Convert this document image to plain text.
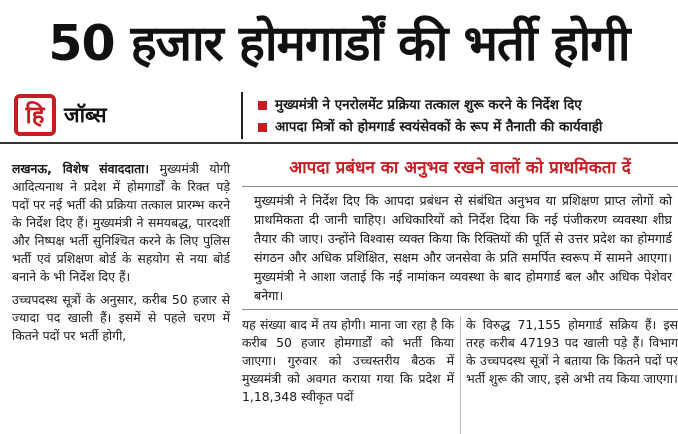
50 हजार होमगार्डों की भर्ती होगी
हि जॉब्स	मुख्यमंत्री ने एनरोलमेंट प्रक्रिया तत्काल शुरू करने के निर्देश दिए
आपदा मित्रों को होमगार्ड स्वयंसेवकों के रूप में तैनाती की कार्यवाही

लखनऊ, विशेष संवाददाता। मुख्यमंत्री योगी आदित्यनाथ ने प्रदेश में होमगार्डों के रिक्त पड़े पदों पर नई भर्ती की प्रक्रिया तत्काल प्रारम्भ करने के निर्देश दिए हैं। मुख्यमंत्री ने समयबद्ध, पारदर्शी और निष्पक्ष भर्ती सुनिश्चित करने के लिए पुलिस भर्ती एवं प्रशिक्षण बोर्ड के सहयोग से नया बोर्ड बनाने के भी निर्देश दिए हैं।

उच्चपदस्थ सूत्रों के अनुसार, करीब 50 हजार से ज्यादा पद खाली हैं। इसमें से पहले चरण में कितने पदों पर भर्ती होगी,

आपदा प्रबंधन का अनुभव रखने वालों को प्राथमिकता दें
मुख्यमंत्री ने निर्देश दिए कि आपदा प्रबंधन से संबंधित अनुभव या प्रशिक्षण प्राप्त लोगों को प्राथमिकता दी जानी चाहिए। अधिकारियों को निर्देश दिया कि नई पंजीकरण व्यवस्था शीघ्र तैयार की जाए। उन्होंने विश्वास व्यक्त किया कि रिक्तियों की पूर्ति से उत्तर प्रदेश का होमगार्ड संगठन और अधिक प्रशिक्षित, सक्षम और जनसेवा के प्रति समर्पित स्वरूप में सामने आएगा। मुख्यमंत्री ने आशा जताई कि नई नामांकन व्यवस्था के बाद होमगार्ड बल और अधिक पेशेवर बनेगा।
यह संख्या बाद में तय होगी। माना जा रहा है कि करीब 50 हजार होमगार्डों को भर्ती किया जाएगा। गुरुवार को उच्चस्तरीय बैठक में मुख्यमंत्री को अवगत कराया गया कि प्रदेश में 1,18,348 स्वीकृत पदों
के विरुद्ध 71,155 होमगार्ड सक्रिय हैं। इस तरह करीब 47193 पद खाली पड़े हैं। विभाग के उच्चपदस्थ सूत्रों ने बताया कि कितने पदों पर भर्ती शुरू की जाए, इसे अभी तय किया जाएगा।
